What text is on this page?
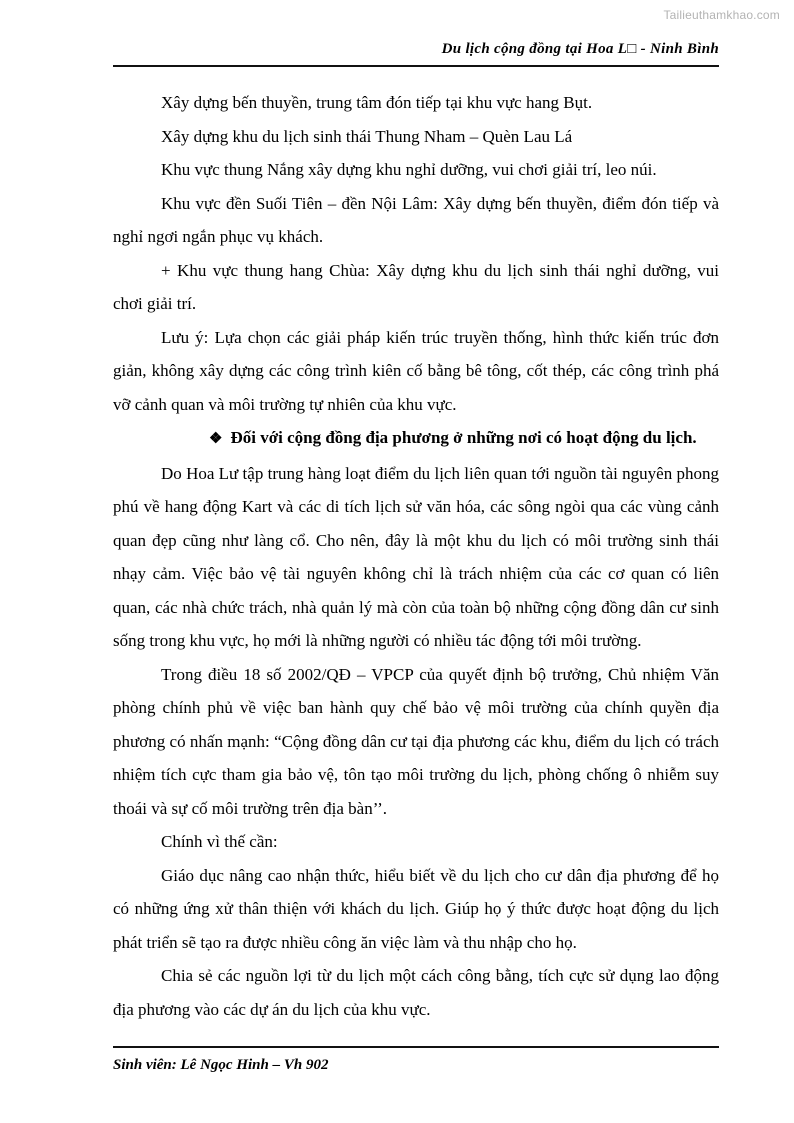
Tailieuthamkhao.com
Du lịch cộng đồng tại Hoa L□ - Ninh Bình

Xây dựng bến thuyền, trung tâm đón tiếp tại khu vực hang Bụt.

Xây dựng khu du lịch sinh thái Thung Nham – Quèn Lau Lá

Khu vực thung Nắng xây dựng khu nghỉ dưỡng, vui chơi giải trí, leo núi.

Khu vực đền Suối Tiên – đền Nội Lâm: Xây dựng bến thuyền, điểm đón tiếp và nghỉ ngơi ngắn phục vụ khách.

+ Khu vực thung hang Chùa: Xây dựng khu du lịch sinh thái nghỉ dưỡng, vui chơi giải trí.

Lưu ý: Lựa chọn các giải pháp kiến trúc truyền thống, hình thức kiến trúc đơn giản, không xây dựng các công trình kiên cố bằng bê tông, cốt thép, các công trình phá vỡ cảnh quan và môi trường tự nhiên của khu vực.

❖ Đối với cộng đồng địa phương ở những nơi có hoạt động du lịch.

Do Hoa Lư tập trung hàng loạt điểm du lịch liên quan tới nguồn tài nguyên phong phú về hang động Kart và các di tích lịch sử văn hóa, các sông ngòi qua các vùng cảnh quan đẹp cũng như làng cổ. Cho nên, đây là một khu du lịch có môi trường sinh thái nhạy cảm. Việc bảo vệ tài nguyên không chỉ là trách nhiệm của các cơ quan có liên quan, các nhà chức trách, nhà quản lý mà còn của toàn bộ những cộng đồng dân cư sinh sống trong khu vực, họ mới là những người có nhiều tác động tới môi trường.

Trong điều 18 số 2002/QĐ – VPCP của quyết định bộ trưởng, Chủ nhiệm Văn phòng chính phủ về việc ban hành quy chế bảo vệ môi trường của chính quyền địa phương có nhấn mạnh: “Cộng đồng dân cư tại địa phương các khu, điểm du lịch có trách nhiệm tích cực tham gia bảo vệ, tôn tạo môi trường du lịch, phòng chống ô nhiễm suy thoái và sự cố môi trường trên địa bàn’’.

Chính vì thế cần:

Giáo dục nâng cao nhận thức, hiểu biết về du lịch cho cư dân địa phương để họ có những ứng xử thân thiện với khách du lịch. Giúp họ ý thức được hoạt động du lịch phát triển sẽ tạo ra được nhiều công ăn việc làm và thu nhập cho họ.

Chia sẻ các nguồn lợi từ du lịch một cách công bằng, tích cực sử dụng lao động địa phương vào các dự án du lịch của khu vực.

Sinh viên: Lê Ngọc Hinh – Vh 902
